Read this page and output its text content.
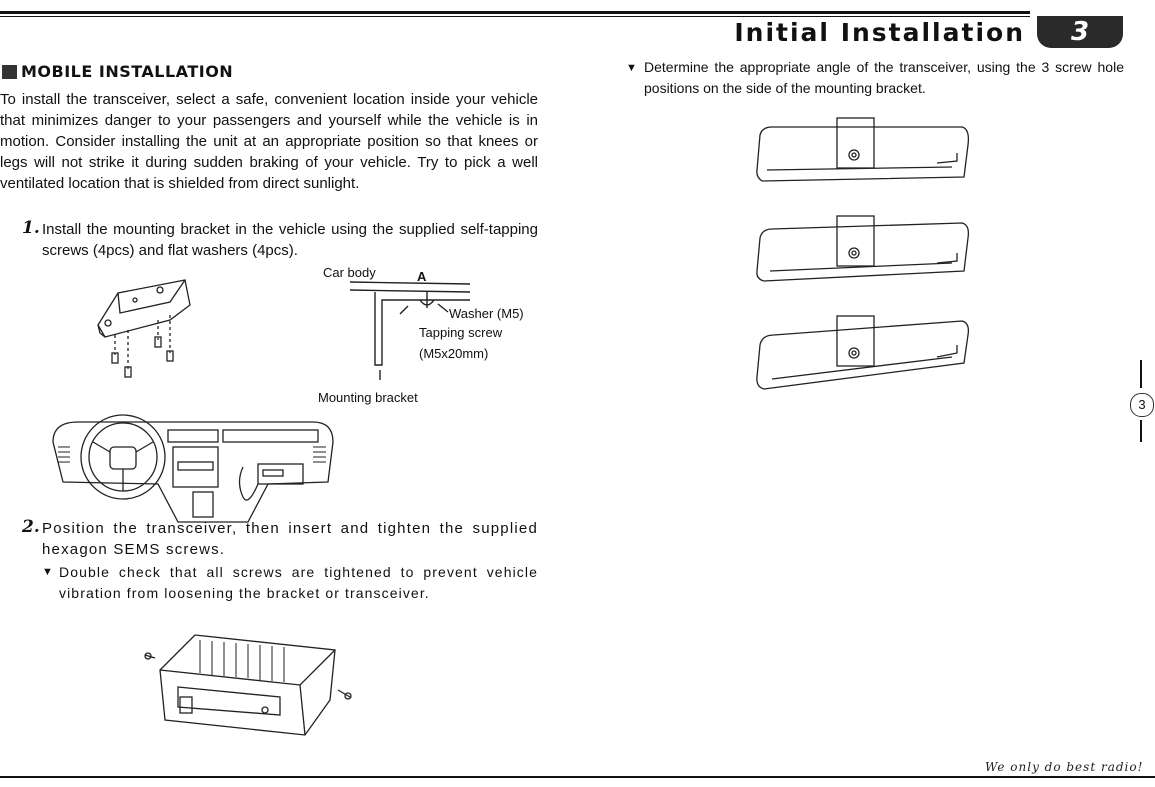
Initial Installation	3
MOBILE INSTALLATION
To install the transceiver, select a safe, convenient location inside your vehicle that minimizes danger to your passengers and yourself while the vehicle is in motion. Consider installing the unit at an appropriate position so that knees or legs will not strike it during sudden braking of your vehicle. Try to pick a well ventilated location that is shielded from direct sunlight.
1. Install the mounting bracket in the vehicle using the supplied self-tapping screws (4pcs) and flat washers (4pcs).
Car body	A
Washer (M5)
Tapping screw
(M5x20mm)
Mounting bracket
2. Position the transceiver, then insert and tighten the supplied hexagon SEMS screws.
▼ Double check that all screws are tightened to prevent vehicle vibration from loosening the bracket or transceiver.
▼ Determine the appropriate angle of the transceiver, using the 3 screw hole positions on the side of the mounting bracket.
3
We only do best radio!
